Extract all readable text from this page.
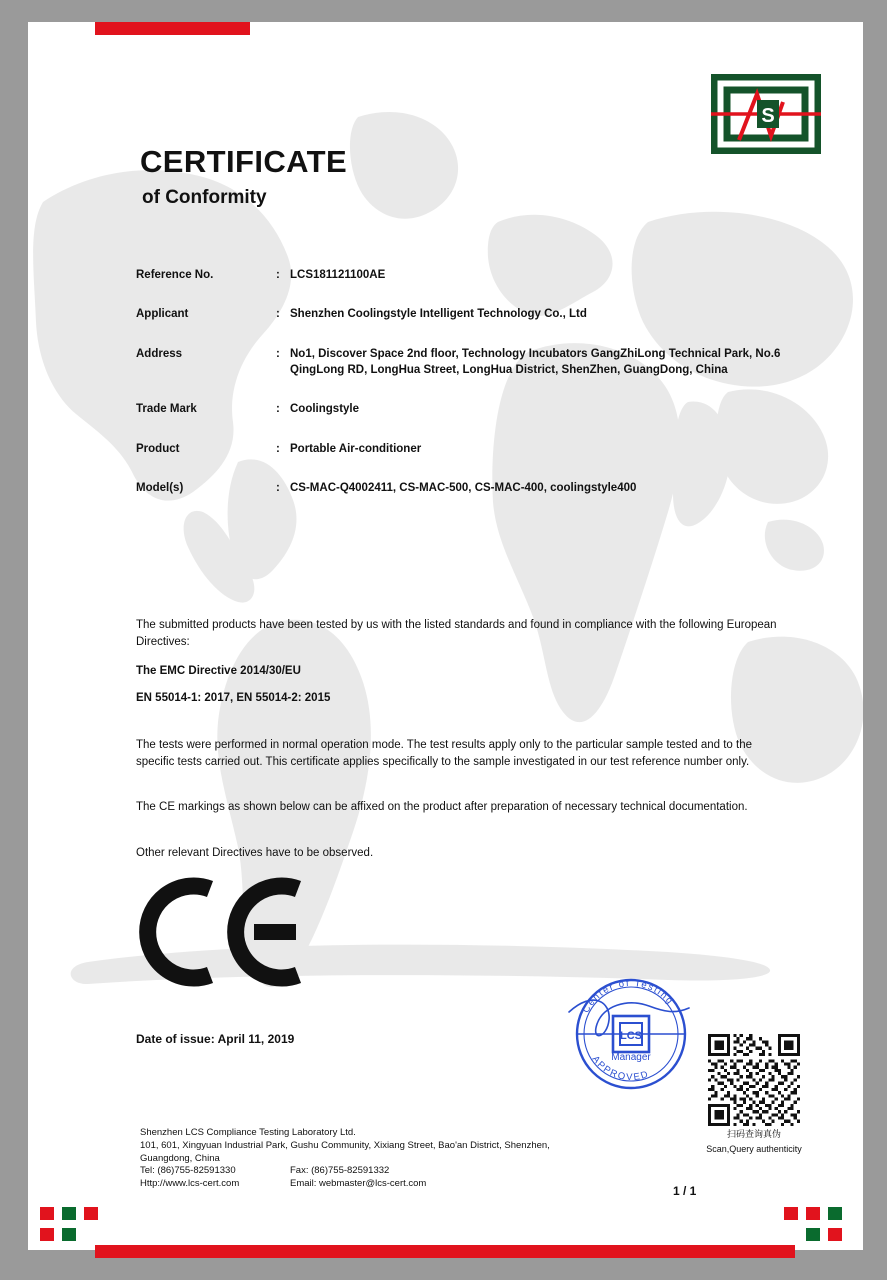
S
CERTIFICATE
of Conformity
Reference No.	: LCS181121100AE
Applicant	: Shenzhen Coolingstyle Intelligent Technology Co., Ltd
Address	: No1, Discover Space 2nd floor, Technology Incubators GangZhiLong Technical Park, No.6 QingLong RD, LongHua Street, LongHua District, ShenZhen, GuangDong, China
Trade Mark	: Coolingstyle
Product	: Portable Air-conditioner
Model(s)	: CS-MAC-Q4002411, CS-MAC-500, CS-MAC-400, coolingstyle400
The submitted products have been tested by us with the listed standards and found in compliance with the following European Directives:
The EMC Directive 2014/30/EU
EN 55014-1: 2017, EN 55014-2: 2015
The tests were performed in normal operation mode. The test results apply only to the particular sample tested and to the specific tests carried out. This certificate applies specifically to the sample investigated in our test reference number only.
The CE markings as shown below can be affixed on the product after preparation of necessary technical documentation.
Other relevant Directives have to be observed.
Date of issue: April 11, 2019
Center of Testing
APPROVED
LCS
Manager
扫码查询真伪
Scan,Query authenticity
Shenzhen LCS Compliance Testing Laboratory Ltd.
101, 601, Xingyuan Industrial Park, Gushu Community, Xixiang Street, Bao'an District, Shenzhen,
Guangdong, China
Tel: (86)755-82591330	Fax: (86)755-82591332
Http://www.lcs-cert.com	Email: webmaster@lcs-cert.com
1 / 1
